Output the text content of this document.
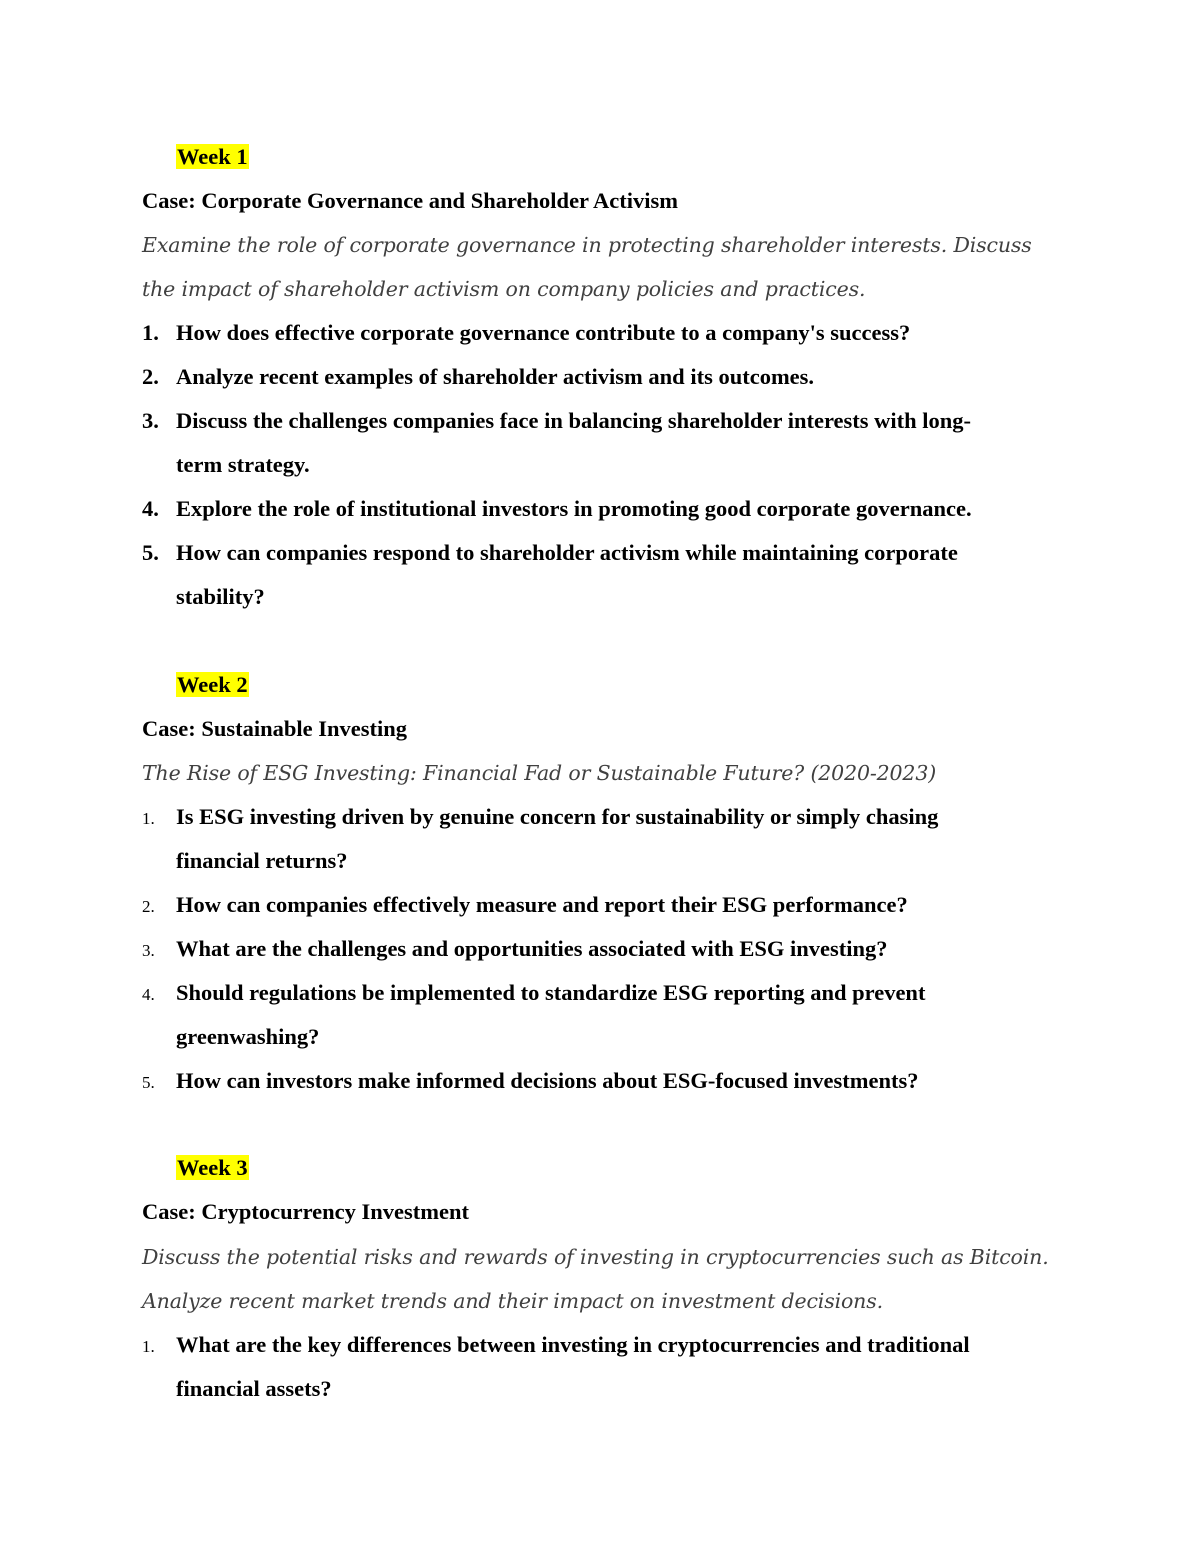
Week 1
Case: Corporate Governance and Shareholder Activism
Examine the role of corporate governance in protecting shareholder interests. Discuss
the impact of shareholder activism on company policies and practices.
1. How does effective corporate governance contribute to a company's success?
2. Analyze recent examples of shareholder activism and its outcomes.
3. Discuss the challenges companies face in balancing shareholder interests with long-
term strategy.
4. Explore the role of institutional investors in promoting good corporate governance.
5. How can companies respond to shareholder activism while maintaining corporate
stability?
Week 2
Case: Sustainable Investing
The Rise of ESG Investing: Financial Fad or Sustainable Future? (2020-2023)
1. Is ESG investing driven by genuine concern for sustainability or simply chasing
financial returns?
2. How can companies effectively measure and report their ESG performance?
3. What are the challenges and opportunities associated with ESG investing?
4. Should regulations be implemented to standardize ESG reporting and prevent
greenwashing?
5. How can investors make informed decisions about ESG-focused investments?
Week 3
Case: Cryptocurrency Investment
Discuss the potential risks and rewards of investing in cryptocurrencies such as Bitcoin.
Analyze recent market trends and their impact on investment decisions.
1. What are the key differences between investing in cryptocurrencies and traditional
financial assets?
